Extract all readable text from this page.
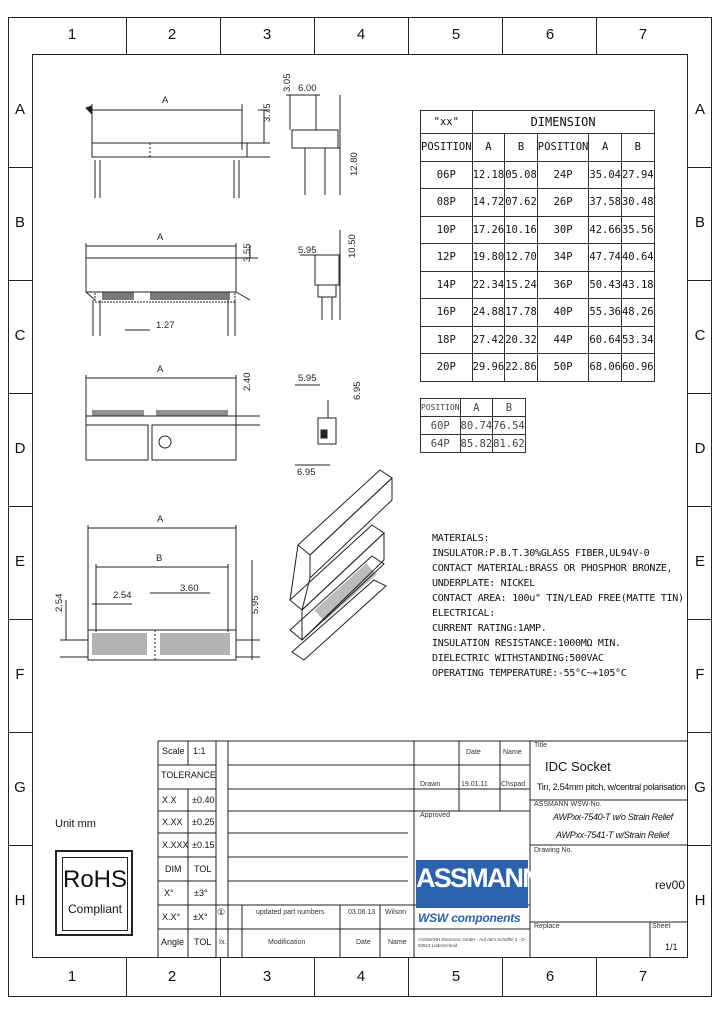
1	2	3	4	5	6	7
1	2	3	4	5	6	7
A
B
C
D
E
F
G
H
A
B
C
D
E
F
G
H
A
3.75
3.05 6.00
12.80
A
3.55	5.95	10.50
1.27
A
2.40	5.95
6.95
6.95
A
B
2.54
3.60
2.54	5.95
"xx"	DIMENSION				
POSITION	A	B	POSITION	A	B
06P	12.18	05.08	24P	35.04	27.94
08P	14.72	07.62	26P	37.58	30.48
10P	17.26	10.16	30P	42.66	35.56
12P	19.80	12.70	34P	47.74	40.64
14P	22.34	15.24	36P	50.43	43.18
16P	24.88	17.78	40P	55.36	48.26
18P	27.42	20.32	44P	60.64	53.34
20P	29.96	22.86	50P	68.06	60.96
POSITION	A	B
60P	80.74	76.54
64P	85.82	81.62
MATERIALS:
INSULATOR:P.B.T.30%GLASS FIBER,UL94V-0
CONTACT MATERIAL:BRASS OR PHOSPHOR BRONZE,
UNDERPLATE: NICKEL
CONTACT AREA: 100u" TIN/LEAD FREE(MATTE TIN)
ELECTRICAL:
CURRENT RATING:1AMP.
INSULATION RESISTANCE:1000MΩ MIN.
DIELECTRIC WITHSTANDING:500VAC
OPERATING TEMPERATURE:-55°C~+105°C
Unit mm
RoHS
Compliant
Scale 1:1
TOLERANCE
X.X ±0.40
X.XX ±0.25
X.XXX ±0.15
DIM TOL
X° ±3°
X.X° ±X°
Angle TOL
Date	Name
Drawn	19.01.11 Chspad
Approved
Title
IDC Socket
Tin, 2.54mm pitch, w/central polarisation
ASSMANN WSW-No.
AWPxx-7540-T w/o Strain Relief
AWPxx-7541-T w/Strain Relief
Drawing No.
rev00
Replace	Sheet
1/1
①	updated part numbers	03.06.13 Wilson
Ix.	Modification	Date Name
ASSMANN
WSW components
ASSMANN Electronic GmbH · Auf dem Schüffel 3 · D-58513 Lüdenscheid
